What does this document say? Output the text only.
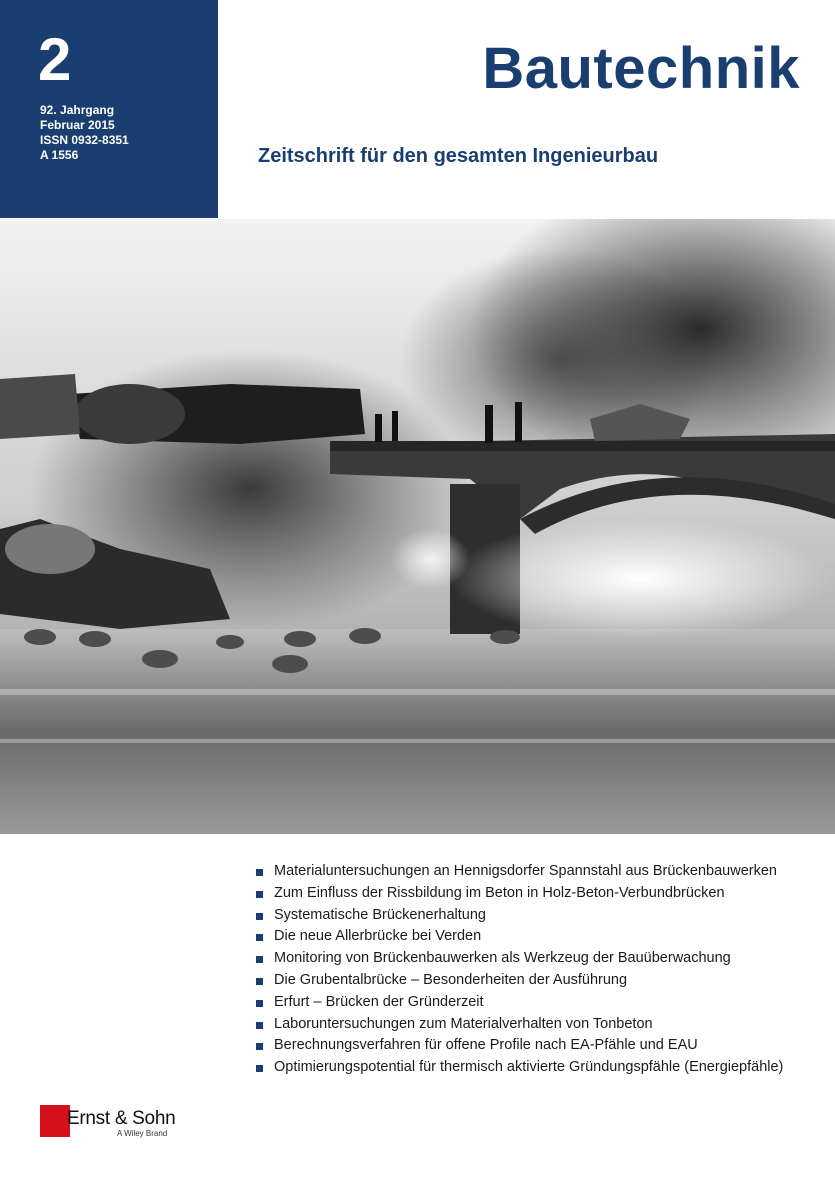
2
92. Jahrgang
Februar 2015
ISSN 0932-8351
A 1556
Bautechnik
Zeitschrift für den gesamten Ingenieurbau
Materialuntersuchungen an Hennigsdorfer Spannstahl aus Brückenbauwerken
Zum Einfluss der Rissbildung im Beton in Holz-Beton-Verbundbrücken
Systematische Brückenerhaltung
Die neue Allerbrücke bei Verden
Monitoring von Brückenbauwerken als Werkzeug der Bauüberwachung
Die Grubentalbrücke – Besonderheiten der Ausführung
Erfurt – Brücken der Gründerzeit
Laboruntersuchungen zum Materialverhalten von Tonbeton
Berechnungsverfahren für offene Profile nach EA-Pfähle und EAU
Optimierungspotential für thermisch aktivierte Gründungspfähle (Energiepfähle)
Ernst & Sohn
A Wiley Brand
